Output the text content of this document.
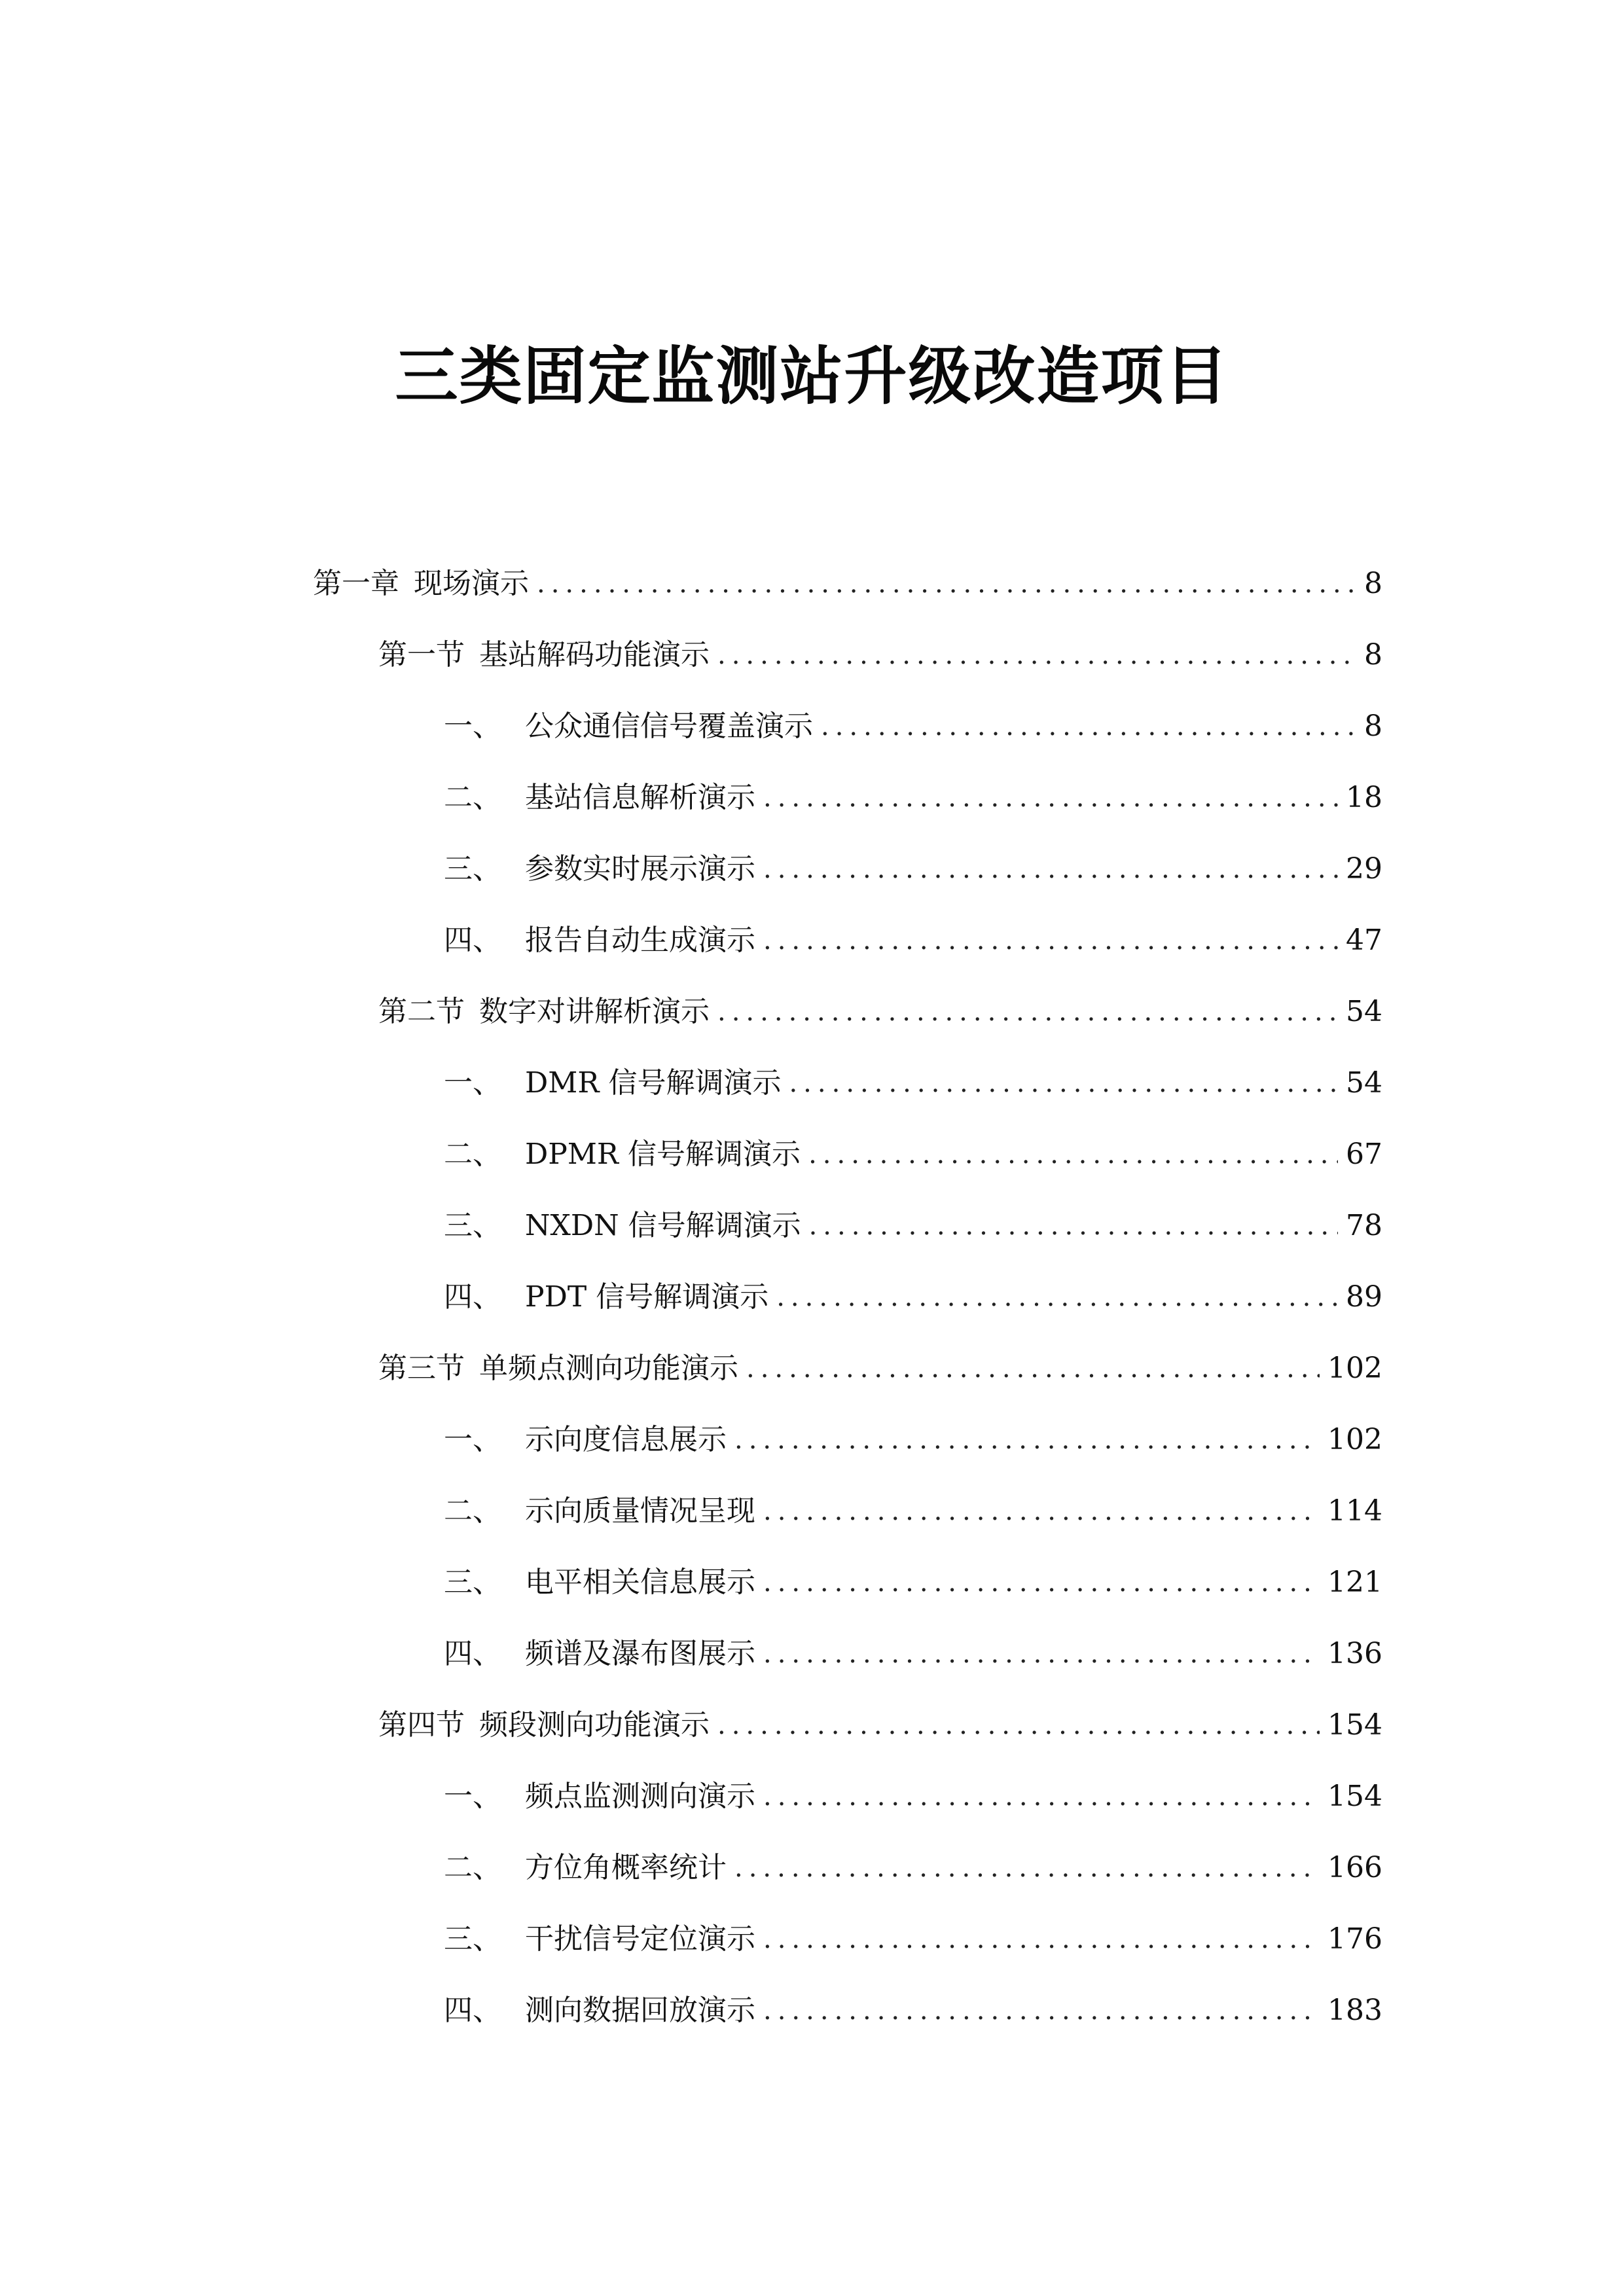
三类固定监测站升级改造项目
第一章 现场演示 .....	8
第一节 基站解码功能演示 .....	8
一、 公众通信信号覆盖演示 .....	8
二、 基站信息解析演示 .....	18
三、 参数实时展示演示 .....	29
四、 报告自动生成演示 .....	47
第二节 数字对讲解析演示 .....	54
一、 DMR 信号解调演示 .....	54
二、 DPMR 信号解调演示 .....	67
三、 NXDN 信号解调演示 .....	78
四、 PDT 信号解调演示 .....	89
第三节 单频点测向功能演示 .....	102
一、 示向度信息展示 .....	102
二、 示向质量情况呈现 .....	114
三、 电平相关信息展示 .....	121
四、 频谱及瀑布图展示 .....	136
第四节 频段测向功能演示 .....	154
一、 频点监测测向演示 .....	154
二、 方位角概率统计 .....	166
三、 干扰信号定位演示 .....	176
四、 测向数据回放演示 .....	183
